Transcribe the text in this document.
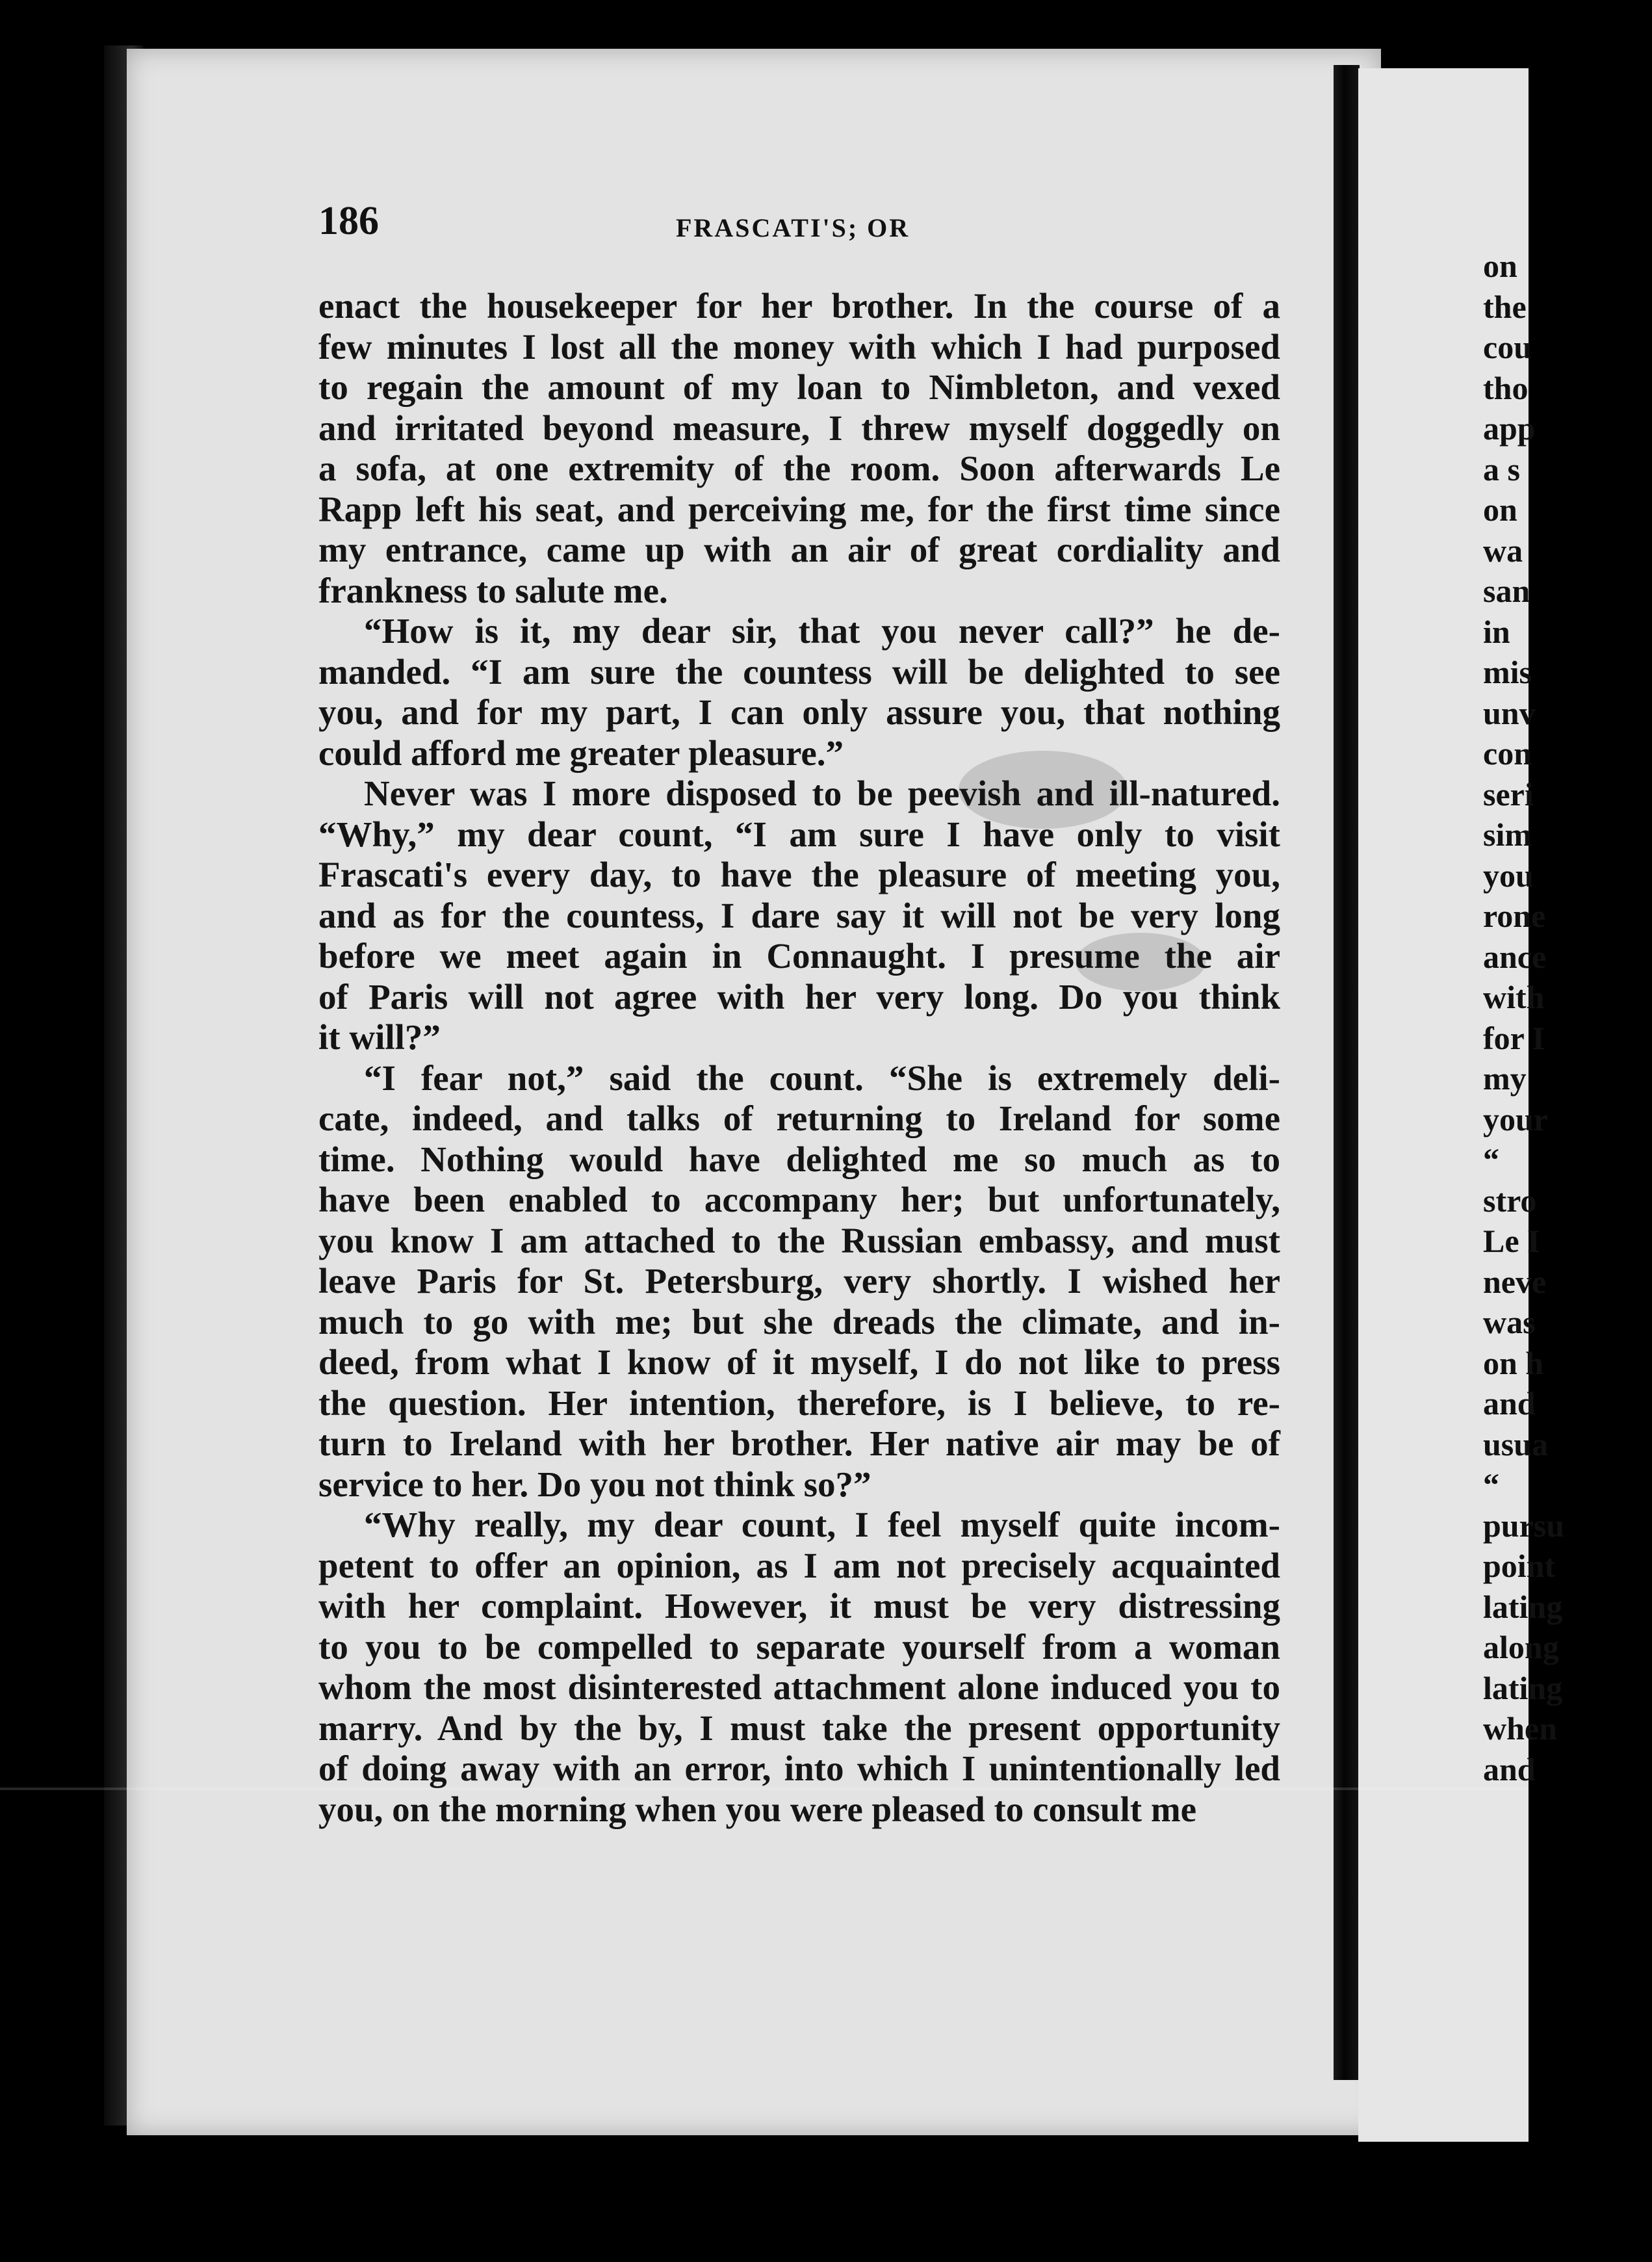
on
the
cou
tho
app
a s
on
wa
san
in
mis
unv
con
seri
sim
you
rone
ance
with
for I
my
your
“
stro
Le I
neve
was
on h
and
usua
“
pursu
point
lating
along
lating
when
and
186	FRASCATI'S; OR
enact the housekeeper for her brother. In the course of a
few minutes I lost all the money with which I had purposed
to regain the amount of my loan to Nimbleton, and vexed
and irritated beyond measure, I threw myself doggedly on
a sofa, at one extremity of the room. Soon afterwards Le
Rapp left his seat, and perceiving me, for the first time since
my entrance, came up with an air of great cordiality and
frankness to salute me.
“How is it, my dear sir, that you never call?” he de-
manded. “I am sure the countess will be delighted to see
you, and for my part, I can only assure you, that nothing
could afford me greater pleasure.”
Never was I more disposed to be peevish and ill-natured.
“Why,” my dear count, “I am sure I have only to visit
Frascati's every day, to have the pleasure of meeting you,
and as for the countess, I dare say it will not be very long
before we meet again in Connaught. I presume the air
of Paris will not agree with her very long. Do you think
it will?”
“I fear not,” said the count. “She is extremely deli-
cate, indeed, and talks of returning to Ireland for some
time. Nothing would have delighted me so much as to
have been enabled to accompany her; but unfortunately,
you know I am attached to the Russian embassy, and must
leave Paris for St. Petersburg, very shortly. I wished her
much to go with me; but she dreads the climate, and in-
deed, from what I know of it myself, I do not like to press
the question. Her intention, therefore, is I believe, to re-
turn to Ireland with her brother. Her native air may be of
service to her. Do you not think so?”
“Why really, my dear count, I feel myself quite incom-
petent to offer an opinion, as I am not precisely acquainted
with her complaint. However, it must be very distressing
to you to be compelled to separate yourself from a woman
whom the most disinterested attachment alone induced you to
marry. And by the by, I must take the present opportunity
of doing away with an error, into which I unintentionally led
you, on the morning when you were pleased to consult me
